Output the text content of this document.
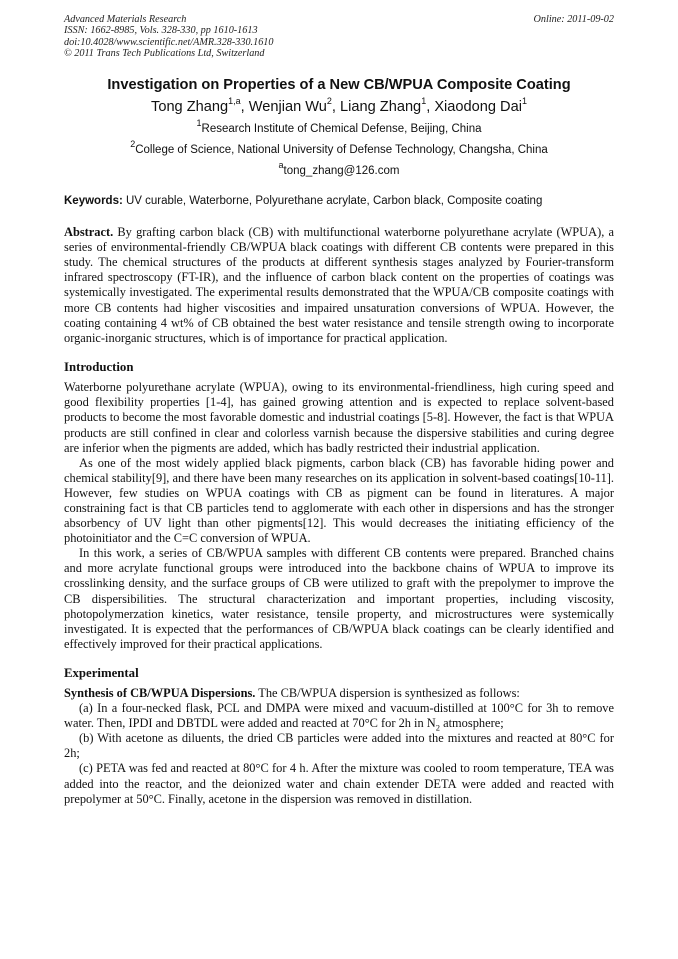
Advanced Materials Research
ISSN: 1662-8985, Vols. 328-330, pp 1610-1613
doi:10.4028/www.scientific.net/AMR.328-330.1610
© 2011 Trans Tech Publications Ltd, Switzerland
Online: 2011-09-02
Investigation on Properties of a New CB/WPUA Composite Coating
Tong Zhang$^{1,a}$, Wenjian Wu$^2$, Liang Zhang$^1$, Xiaodong Dai$^1$
$^1$Research Institute of Chemical Defense, Beijing, China
$^2$College of Science, National University of Defense Technology, Changsha, China
$^a$tong_zhang@126.com
Keywords: UV curable, Waterborne, Polyurethane acrylate, Carbon black, Composite coating
Abstract. By grafting carbon black (CB) with multifunctional waterborne polyurethane acrylate (WPUA), a series of environmental-friendly CB/WPUA black coatings with different CB contents were prepared in this study. The chemical structures of the products at different synthesis stages analyzed by Fourier-transform infrared spectroscopy (FT-IR), and the influence of carbon black content on the properties of coatings was systemically investigated. The experimental results demonstrated that the WPUA/CB composite coatings with more CB contents had higher viscosities and impaired unsaturation conversions of WPUA. However, the coating containing 4 wt% of CB obtained the best water resistance and tensile strength owing to incorporate organic-inorganic structures, which is of importance for practical application.
Introduction

Waterborne polyurethane acrylate (WPUA), owing to its environmental-friendliness, high curing speed and good flexibility properties [1-4], has gained growing attention and is expected to replace solvent-based products to become the most favorable domestic and industrial coatings [5-8]. However, the fact is that WPUA products are still confined in clear and colorless varnish because the dispersive stabilities and curing degree are inferior when the pigments are added, which has badly restricted their industrial application.

As one of the most widely applied black pigments, carbon black (CB) has favorable hiding power and chemical stability[9], and there have been many researches on its application in solvent-based coatings[10-11]. However, few studies on WPUA coatings with CB as pigment can be found in literatures. A major constraining fact is that CB particles tend to agglomerate with each other in dispersions and has the stronger absorbency of UV light than other pigments[12]. This would decreases the initiating efficiency of the photoinitiator and the C=C conversion of WPUA.

In this work, a series of CB/WPUA samples with different CB contents were prepared. Branched chains and more acrylate functional groups were introduced into the backbone chains of WPUA to improve its crosslinking density, and the surface groups of CB were utilized to graft with the prepolymer to improve the CB dispersibilities. The structural characterization and important properties, including viscosity, photopolymerzation kinetics, water resistance, tensile property, and microstructures were systemically investigated. It is expected that the performances of CB/WPUA black coatings can be clearly identified and effectively improved for their practical applications.

Experimental

Synthesis of CB/WPUA Dispersions. The CB/WPUA dispersion is synthesized as follows:

(a) In a four-necked flask, PCL and DMPA were mixed and vacuum-distilled at 100°C for 3h to remove water. Then, IPDI and DBTDL were added and reacted at 70°C for 2h in $N_2$ atmosphere;

(b) With acetone as diluents, the dried CB particles were added into the mixtures and reacted at 80°C for 2h;

(c) PETA was fed and reacted at 80°C for 4 h. After the mixture was cooled to room temperature, TEA was added into the reactor, and the deionized water and chain extender DETA were added and reacted with prepolymer at 50°C. Finally, acetone in the dispersion was removed in distillation.
